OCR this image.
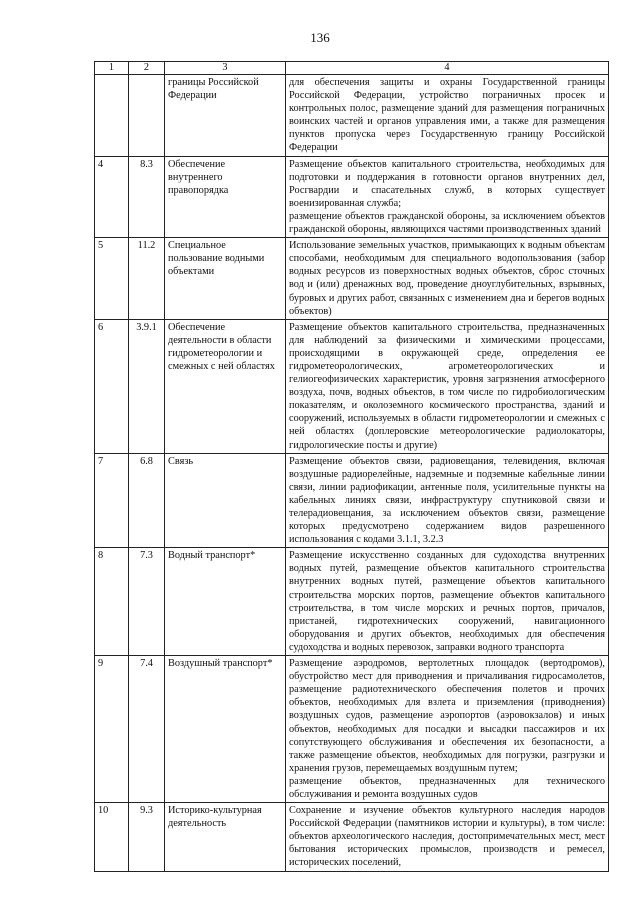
136
1	2	3	4
		границы Российской Федерации	для обеспечения защиты и охраны Государственной границы Российской Федерации, устройство пограничных просек и контрольных полос, размещение зданий для размещения пограничных воинских частей и органов управления ими, а также для размещения пунктов пропуска через Государственную границу Российской Федерации

4	8.3	Обеспечение внутреннего правопорядка	Размещение объектов капитального строительства, необходимых для подготовки и поддержания в готовности органов внутренних дел, Росгвардии и спасательных служб, в которых существует военизированная служба;
размещение объектов гражданской обороны, за исключением объектов гражданской обороны, являющихся частями производственных зданий

5	11.2	Специальное пользование водными объектами	Использование земельных участков, примыкающих к водным объектам способами, необходимым для специального водопользования (забор водных ресурсов из поверхностных водных объектов, сброс сточных вод и (или) дренажных вод, проведение дноуглубительных, взрывных, буровых и других работ, связанных с изменением дна и берегов водных объектов)

6	3.9.1	Обеспечение деятельности в области гидрометеорологии и смежных с ней областях	Размещение объектов капитального строительства, предназначенных для наблюдений за физическими и химическими процессами, происходящими в окружающей среде, определения ее гидрометеорологических, агрометеорологических и гелиогеофизических характеристик, уровня загрязнения атмосферного воздуха, почв, водных объектов, в том числе по гидробиологическим показателям, и околоземного космического пространства, зданий и сооружений, используемых в области гидрометеорологии и смежных с ней областях (доплеровские метеорологические радиолокаторы, гидрологические посты и другие)

7	6.8	Связь	Размещение объектов связи, радиовещания, телевидения, включая воздушные радиорелейные, надземные и подземные кабельные линии связи, линии радиофикации, антенные поля, усилительные пункты на кабельных линиях связи, инфраструктуру спутниковой связи и телерадиовещания, за исключением объектов связи, размещение которых предусмотрено содержанием видов разрешенного использования с кодами 3.1.1, 3.2.3

8	7.3	Водный транспорт*	Размещение искусственно созданных для судоходства внутренних водных путей, размещение объектов капитального строительства внутренних водных путей, размещение объектов капитального строительства морских портов, размещение объектов капитального строительства, в том числе морских и речных портов, причалов, пристаней, гидротехнических сооружений, навигационного оборудования и других объектов, необходимых для обеспечения судоходства и водных перевозок, заправки водного транспорта

9	7.4	Воздушный транспорт*	Размещение аэродромов, вертолетных площадок (вертодромов), обустройство мест для приводнения и причаливания гидросамолетов, размещение радиотехнического обеспечения полетов и прочих объектов, необходимых для взлета и приземления (приводнения) воздушных судов, размещение аэропортов (аэровокзалов) и иных объектов, необходимых для посадки и высадки пассажиров и их сопутствующего обслуживания и обеспечения их безопасности, а также размещение объектов, необходимых для погрузки, разгрузки и хранения грузов, перемещаемых воздушным путем;
размещение объектов, предназначенных для технического обслуживания и ремонта воздушных судов

10	9.3	Историко-культурная деятельность	Сохранение и изучение объектов культурного наследия народов Российской Федерации (памятников истории и культуры), в том числе: объектов археологического наследия, достопримечательных мест, мест бытования исторических промыслов, производств и ремесел, исторических поселений,
